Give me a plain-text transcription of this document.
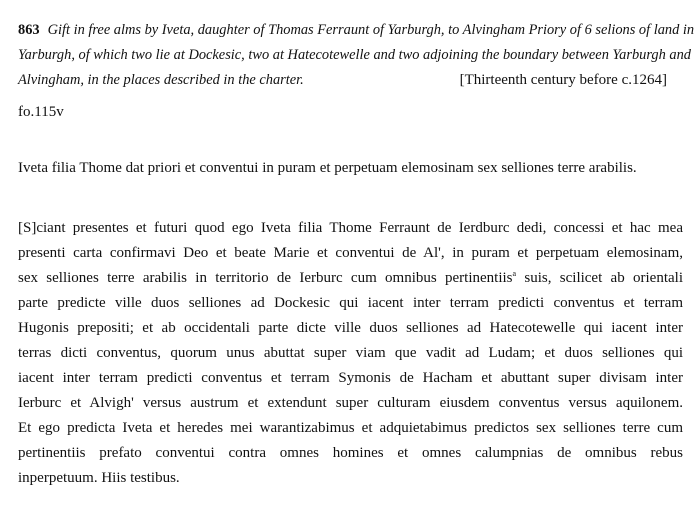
863 Gift in free alms by Iveta, daughter of Thomas Ferraunt of Yarburgh, to Alvingham Priory of 6 selions of land in
Yarburgh, of which two lie at Dockesic, two at Hatecotewelle and two adjoining the boundary between Yarburgh and
Alvingham, in the places described in the charter.	[Thirteenth century before c.1264]
fo.115v
Iveta filia Thome dat priori et conventui in puram et perpetuam elemosinam sex selliones terre arabilis.
[S]ciant presentes et futuri quod ego Iveta filia Thome Ferraunt de Ierdburc dedi, concessi et hac mea
presenti carta confirmavi Deo et beate Marie et conventui de Al', in puram et perpetuam elemosinam,
sex selliones terre arabilis in territorio de Ierburc cum omnibus pertinentiis$^a$ suis, scilicet ab orientali
parte predicte ville duos selliones ad Dockesic qui iacent inter terram predicti conventus et terram
Hugonis prepositi; et ab occidentali parte dicte ville duos selliones ad Hatecotewelle qui iacent inter
terras dicti conventus, quorum unus abuttat super viam que vadit ad Ludam; et duos selliones qui
iacent inter terram predicti conventus et terram Symonis de Hacham et abuttant super divisam inter
Ierburc et Alvigh' versus austrum et extendunt super culturam eiusdem conventus versus aquilonem.
Et ego predicta Iveta et heredes mei warantizabimus et adquietabimus predictos sex selliones terre cum
pertinentiis prefato conventui contra omnes homines et omnes calumpnias de omnibus rebus
inperpetuum. Hiis testibus.
